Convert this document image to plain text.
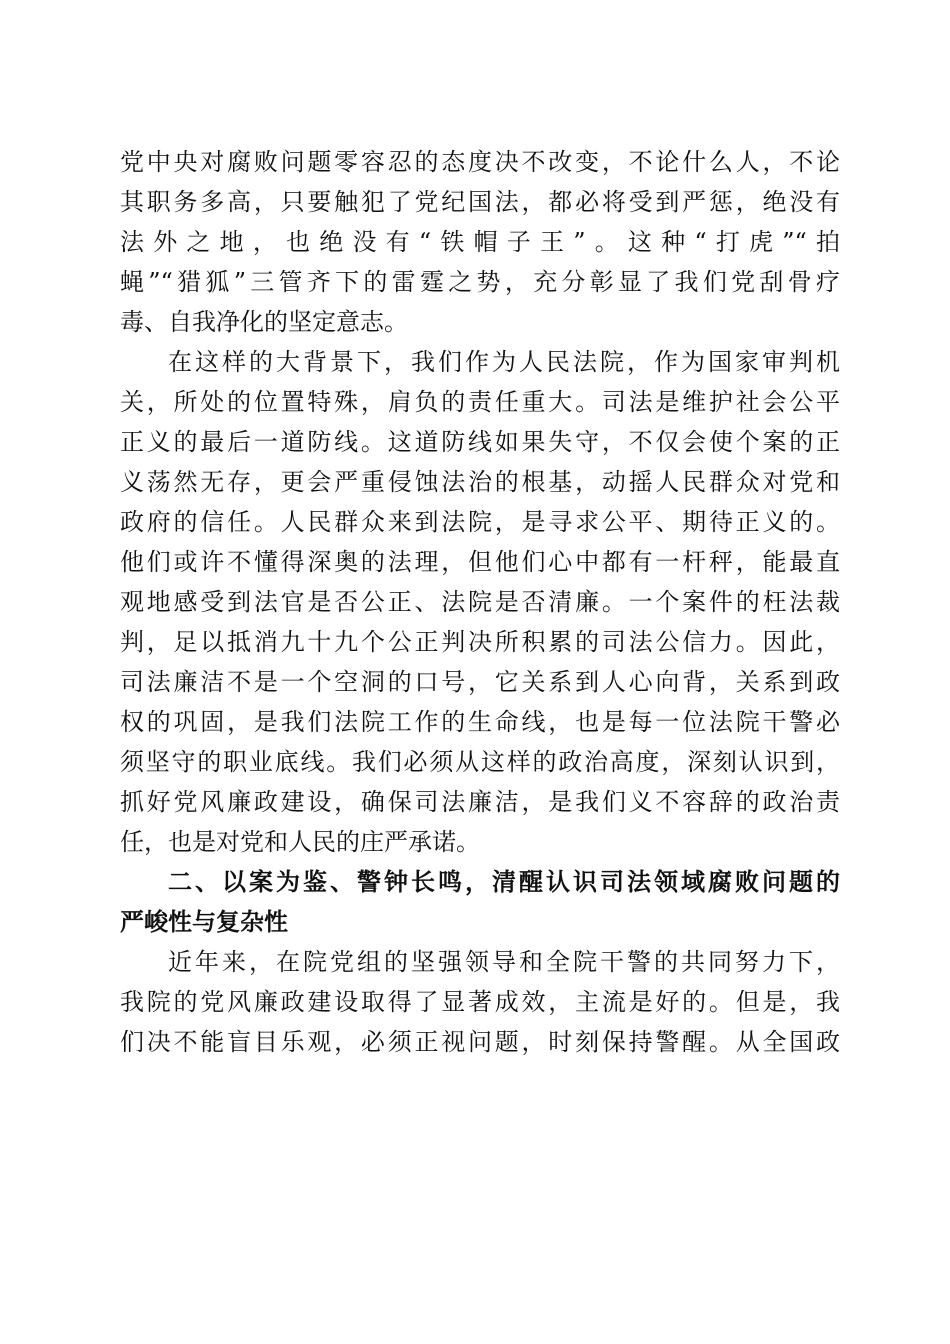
党中央对腐败问题零容忍的态度决不改变，不论什么人，不论
其职务多高，只要触犯了党纪国法，都必将受到严惩，绝没有
法外之地，也绝没有“铁帽子王”。这种“打虎”“拍
蝇”“猎狐”三管齐下的雷霆之势，充分彰显了我们党刮骨疗
毒、自我净化的坚定意志。
在这样的大背景下，我们作为人民法院，作为国家审判机
关，所处的位置特殊，肩负的责任重大。司法是维护社会公平
正义的最后一道防线。这道防线如果失守，不仅会使个案的正
义荡然无存，更会严重侵蚀法治的根基，动摇人民群众对党和
政府的信任。人民群众来到法院，是寻求公平、期待正义的。
他们或许不懂得深奥的法理，但他们心中都有一杆秤，能最直
观地感受到法官是否公正、法院是否清廉。一个案件的枉法裁
判，足以抵消九十九个公正判决所积累的司法公信力。因此，
司法廉洁不是一个空洞的口号，它关系到人心向背，关系到政
权的巩固，是我们法院工作的生命线，也是每一位法院干警必
须坚守的职业底线。我们必须从这样的政治高度，深刻认识到，
抓好党风廉政建设，确保司法廉洁，是我们义不容辞的政治责
任，也是对党和人民的庄严承诺。
二、以案为鉴、警钟长鸣，清醒认识司法领域腐败问题的
严峻性与复杂性
近年来，在院党组的坚强领导和全院干警的共同努力下，
我院的党风廉政建设取得了显著成效，主流是好的。但是，我
们决不能盲目乐观，必须正视问题，时刻保持警醒。从全国政
